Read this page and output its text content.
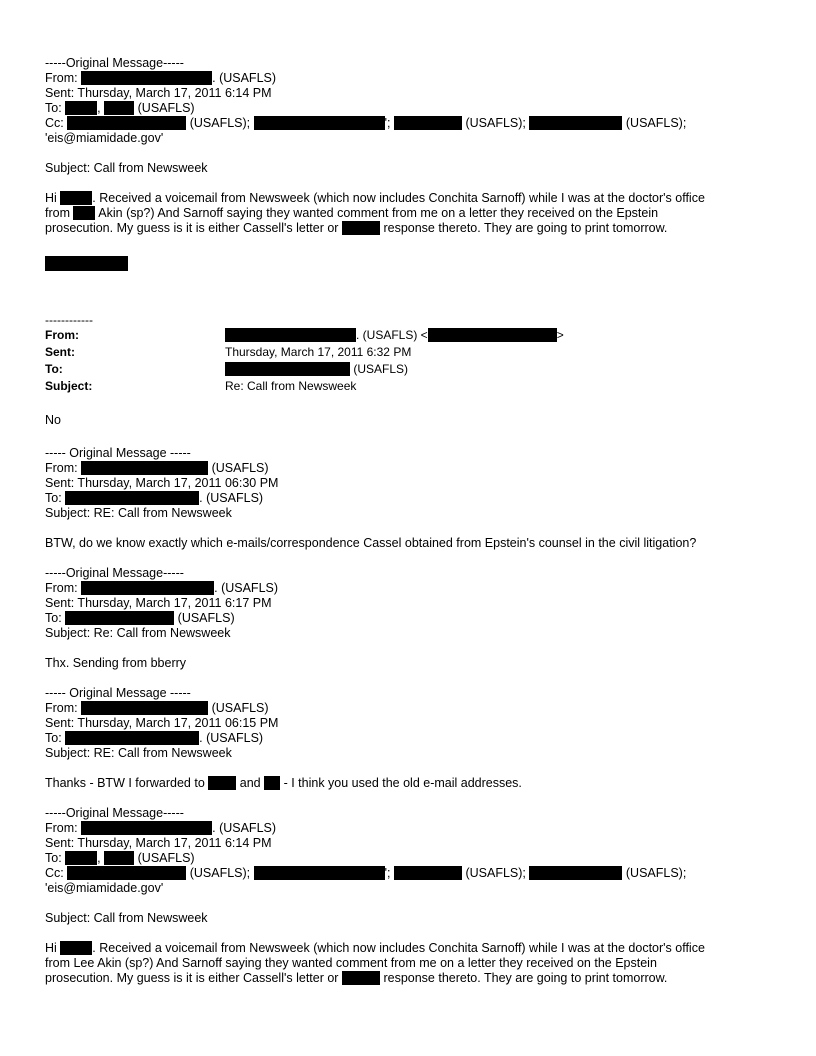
-----Original Message-----
From:	. (USAFLS)
Sent: Thursday, March 17, 2011 6:14 PM
To:	,	(USAFLS)
Cc:	(USAFLS);	';	(USAFLS);	(USAFLS);
'eis@miamidade.gov'
Subject: Call from Newsweek
Hi	. Received a voicemail from Newsweek (which now includes Conchita Sarnoff) while I was at the doctor's office
from Akin (sp?) And Sarnoff saying they wanted comment from me on a letter they received on the Epstein
prosecution. My guess is it is either Cassell's letter or	response thereto. They are going to print tomorrow.
------------
From:	. (USAFLS) <	>
Sent:	Thursday, March 17, 2011 6:32 PM
To:	(USAFLS)
Subject:	Re: Call from Newsweek
No
----- Original Message -----
From:	(USAFLS)
Sent: Thursday, March 17, 2011 06:30 PM
To:	. (USAFLS)
Subject: RE: Call from Newsweek
BTW, do we know exactly which e-mails/correspondence Cassel obtained from Epstein's counsel in the civil litigation?
-----Original Message-----
From:	. (USAFLS)
Sent: Thursday, March 17, 2011 6:17 PM
To:	(USAFLS)
Subject: Re: Call from Newsweek
Thx. Sending from bberry
----- Original Message -----
From:	(USAFLS)
Sent: Thursday, March 17, 2011 06:15 PM
To:	. (USAFLS)
Subject: RE: Call from Newsweek
Thanks - BTW I forwarded to	and - I think you used the old e-mail addresses.
-----Original Message-----
From:	. (USAFLS)
Sent: Thursday, March 17, 2011 6:14 PM
To:	,	(USAFLS)
Cc:	(USAFLS);	';	(USAFLS);	(USAFLS);
'eis@miamidade.gov'
Subject: Call from Newsweek
Hi	. Received a voicemail from Newsweek (which now includes Conchita Sarnoff) while I was at the doctor's office
from Lee Akin (sp?) And Sarnoff saying they wanted comment from me on a letter they received on the Epstein
prosecution. My guess is it is either Cassell's letter or	response thereto. They are going to print tomorrow.
